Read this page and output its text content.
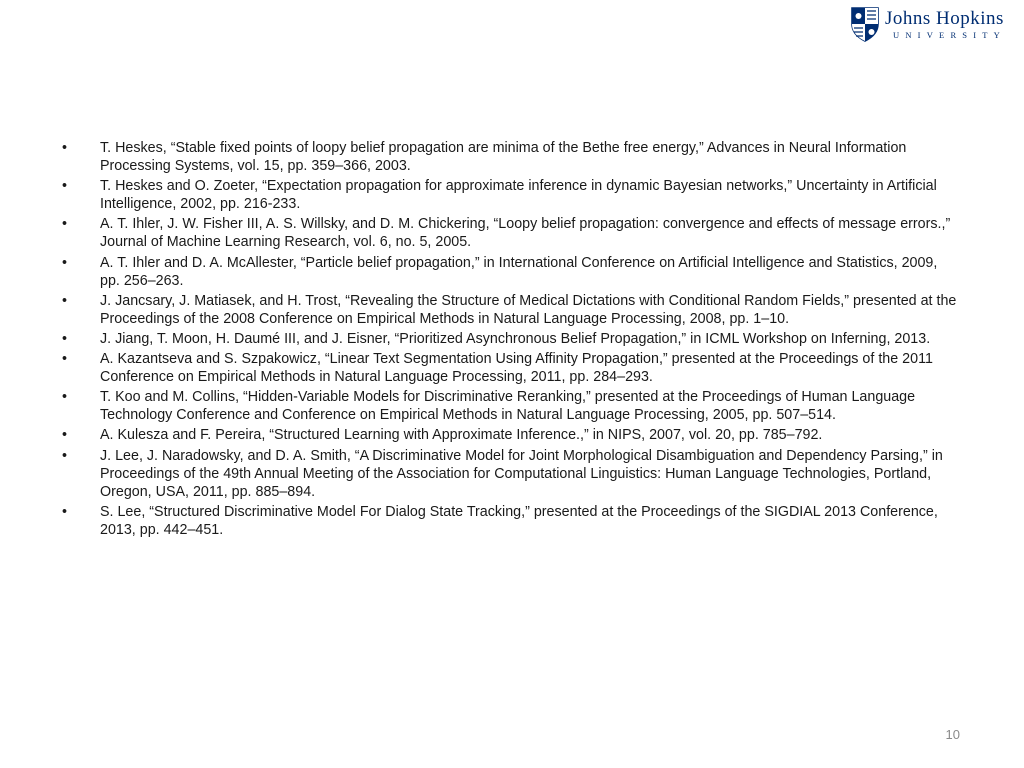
Johns Hopkins
UNIVERSITY
•	T. Heskes, “Stable fixed points of loopy belief propagation are minima of the Bethe free energy,” Advances in Neural Information Processing Systems, vol. 15, pp. 359–366, 2003.
•	T. Heskes and O. Zoeter, “Expectation propagation for approximate inference in dynamic Bayesian networks,” Uncertainty in Artificial Intelligence, 2002, pp. 216-233.
•	A. T. Ihler, J. W. Fisher III, A. S. Willsky, and D. M. Chickering, “Loopy belief propagation: convergence and effects of message errors.,” Journal of Machine Learning Research, vol. 6, no. 5, 2005.
•	A. T. Ihler and D. A. McAllester, “Particle belief propagation,” in International Conference on Artificial Intelligence and Statistics, 2009, pp. 256–263.
•	J. Jancsary, J. Matiasek, and H. Trost, “Revealing the Structure of Medical Dictations with Conditional Random Fields,” presented at the Proceedings of the 2008 Conference on Empirical Methods in Natural Language Processing, 2008, pp. 1–10.
•	J. Jiang, T. Moon, H. Daumé III, and J. Eisner, “Prioritized Asynchronous Belief Propagation,” in ICML Workshop on Inferning, 2013.
•	A. Kazantseva and S. Szpakowicz, “Linear Text Segmentation Using Affinity Propagation,” presented at the Proceedings of the 2011 Conference on Empirical Methods in Natural Language Processing, 2011, pp. 284–293.
•	T. Koo and M. Collins, “Hidden-Variable Models for Discriminative Reranking,” presented at the Proceedings of Human Language Technology Conference and Conference on Empirical Methods in Natural Language Processing, 2005, pp. 507–514.
•	A. Kulesza and F. Pereira, “Structured Learning with Approximate Inference.,” in NIPS, 2007, vol. 20, pp. 785–792.
•	J. Lee, J. Naradowsky, and D. A. Smith, “A Discriminative Model for Joint Morphological Disambiguation and Dependency Parsing,” in Proceedings of the 49th Annual Meeting of the Association for Computational Linguistics: Human Language Technologies, Portland, Oregon, USA, 2011, pp. 885–894.
•	S. Lee, “Structured Discriminative Model For Dialog State Tracking,” presented at the Proceedings of the SIGDIAL 2013 Conference, 2013, pp. 442–451.
10
